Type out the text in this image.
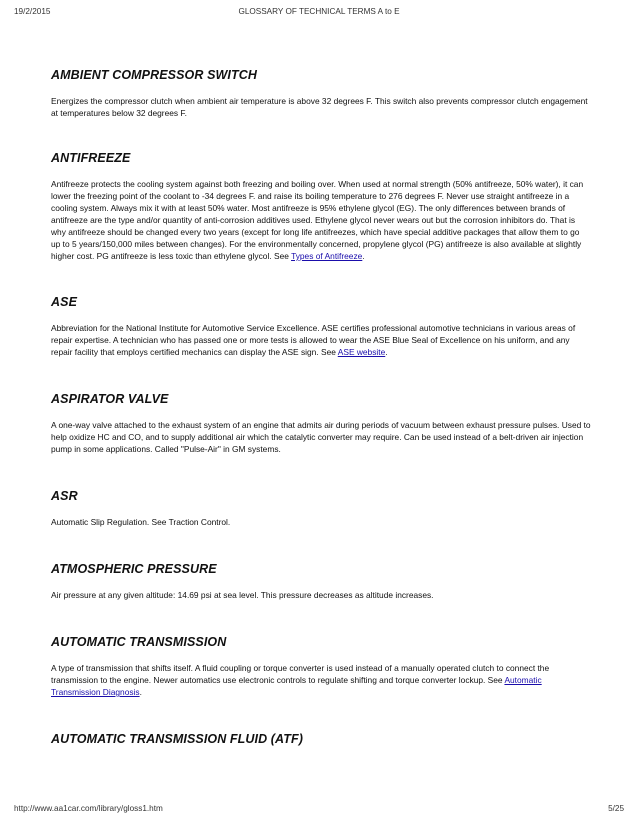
19/2/2015	GLOSSARY OF TECHNICAL TERMS A to E
AMBIENT COMPRESSOR SWITCH

Energizes the compressor clutch when ambient air temperature is above 32 degrees F. This switch also prevents compressor clutch engagement at temperatures below 32 degrees F.

ANTIFREEZE

Antifreeze protects the cooling system against both freezing and boiling over. When used at normal strength (50% antifreeze, 50% water), it can lower the freezing point of the coolant to -34 degrees F. and raise its boiling temperature to 276 degrees F. Never use straight antifreeze in a cooling system. Always mix it with at least 50% water. Most antifreeze is 95% ethylene glycol (EG). The only differences between brands of antifreeze are the type and/or quantity of anti-corrosion additives used. Ethylene glycol never wears out but the corrosion inhibitors do. That is why antifreeze should be changed every two years (except for long life antifreezes, which have special additive packages that allow them to go up to 5 years/150,000 miles between changes). For the environmentally concerned, propylene glycol (PG) antifreeze is also available at slightly higher cost. PG antifreeze is less toxic than ethylene glycol. See Types of Antifreeze.

ASE

Abbreviation for the National Institute for Automotive Service Excellence. ASE certifies professional automotive technicians in various areas of repair expertise. A technician who has passed one or more tests is allowed to wear the ASE Blue Seal of Excellence on his uniform, and any repair facility that employs certified mechanics can display the ASE sign. See ASE website.

ASPIRATOR VALVE

A one-way valve attached to the exhaust system of an engine that admits air during periods of vacuum between exhaust pressure pulses. Used to help oxidize HC and CO, and to supply additional air which the catalytic converter may require. Can be used instead of a belt-driven air injection pump in some applications. Called "Pulse-Air" in GM systems.

ASR

Automatic Slip Regulation. See Traction Control.

ATMOSPHERIC PRESSURE

Air pressure at any given altitude: 14.69 psi at sea level. This pressure decreases as altitude increases.

AUTOMATIC TRANSMISSION

A type of transmission that shifts itself. A fluid coupling or torque converter is used instead of a manually operated clutch to connect the transmission to the engine. Newer automatics use electronic controls to regulate shifting and torque converter lockup. See Automatic Transmission Diagnosis.

AUTOMATIC TRANSMISSION FLUID (ATF)
http://www.aa1car.com/library/gloss1.htm	5/25
